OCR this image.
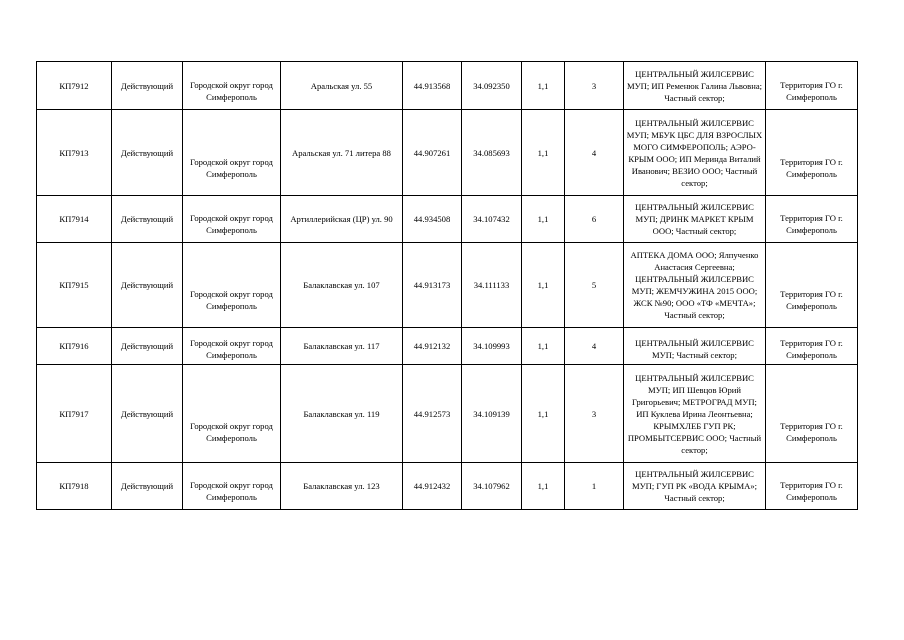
КП7912	Действующий	Городской округ город Симферополь	Аральская ул. 55	44.913568	34.092350	1,1	3	ЦЕНТРАЛЬНЫЙ ЖИЛСЕРВИС МУП; ИП Ременюк Галина Львовна; Частный сектор;	Территория ГО г. Симферополь
КП7913	Действующий	Городской округ город Симферополь	Аральская ул. 71 литера 88	44.907261	34.085693	1,1	4	ЦЕНТРАЛЬНЫЙ ЖИЛСЕРВИС МУП; МБУК ЦБС ДЛЯ ВЗРОСЛЫХ МОГО СИМФЕРОПОЛЬ; АЭРО-КРЫМ ООО; ИП Меринда Виталий Иванович; ВЕЗИО ООО; Частный сектор;	Территория ГО г. Симферополь
КП7914	Действующий	Городской округ город Симферополь	Артиллерийская (ЦР) ул. 90	44.934508	34.107432	1,1	6	ЦЕНТРАЛЬНЫЙ ЖИЛСЕРВИС МУП; ДРИНК МАРКЕТ КРЫМ ООО; Частный сектор;	Территория ГО г. Симферополь
КП7915	Действующий	Городской округ город Симферополь	Балаклавская ул. 107	44.913173	34.111133	1,1	5	АПТЕКА ДОМА ООО; Ялпученко Анастасия Сергеевна; ЦЕНТРАЛЬНЫЙ ЖИЛСЕРВИС МУП; ЖЕМЧУЖИНА 2015 ООО; ЖСК №90; ООО «ТФ «МЕЧТА»; Частный сектор;	Территория ГО г. Симферополь
КП7916	Действующий	Городской округ город Симферополь	Балаклавская ул. 117	44.912132	34.109993	1,1	4	ЦЕНТРАЛЬНЫЙ ЖИЛСЕРВИС МУП; Частный сектор;	Территория ГО г. Симферополь
КП7917	Действующий	Городской округ город Симферополь	Балаклавская ул. 119	44.912573	34.109139	1,1	3	ЦЕНТРАЛЬНЫЙ ЖИЛСЕРВИС МУП; ИП Шевцов Юрий Григорьевич; МЕТРОГРАД МУП; ИП Куклева Ирина Леонтьевна; КРЫМХЛЕБ ГУП РК; ПРОМБЫТСЕРВИС ООО; Частный сектор;	Территория ГО г. Симферополь
КП7918	Действующий	Городской округ город Симферополь	Балаклавская ул. 123	44.912432	34.107962	1,1	1	ЦЕНТРАЛЬНЫЙ ЖИЛСЕРВИС МУП; ГУП РК «ВОДА КРЫМА»; Частный сектор;	Территория ГО г. Симферополь
